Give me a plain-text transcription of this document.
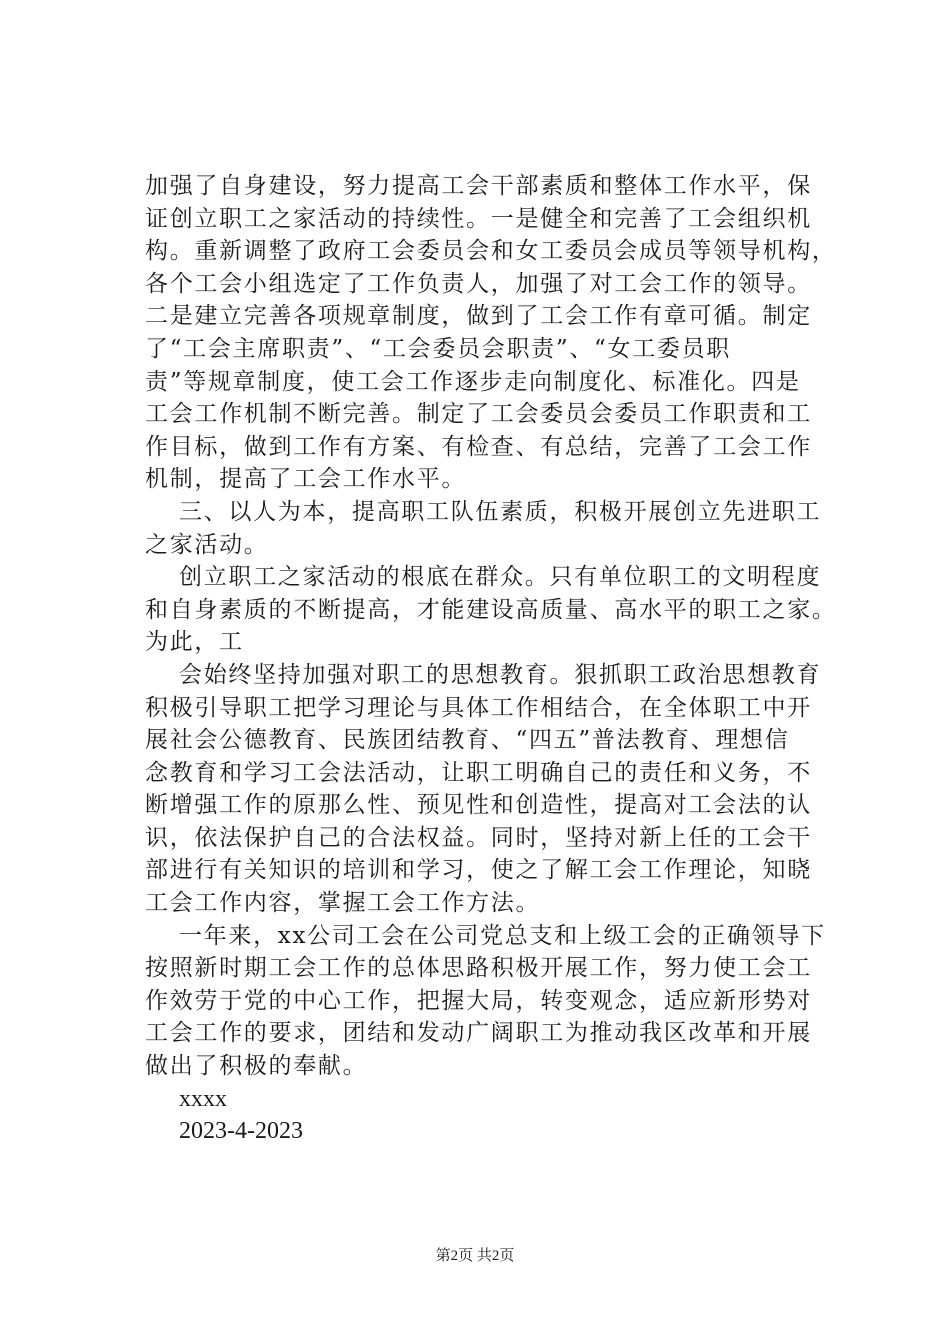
加强了自身建设，努力提高工会干部素质和整体工作水平，保
证创立职工之家活动的持续性。一是健全和完善了工会组织机
构。重新调整了政府工会委员会和女工委员会成员等领导机构，
各个工会小组选定了工作负责人，加强了对工会工作的领导。
二是建立完善各项规章制度，做到了工会工作有章可循。制定
了“工会主席职责”、“工会委员会职责”、“女工委员职
责”等规章制度，使工会工作逐步走向制度化、标准化。四是
工会工作机制不断完善。制定了工会委员会委员工作职责和工
作目标，做到工作有方案、有检查、有总结，完善了工会工作
机制，提高了工会工作水平。
三、以人为本，提高职工队伍素质，积极开展创立先进职工
之家活动。
创立职工之家活动的根底在群众。只有单位职工的文明程度
和自身素质的不断提高，才能建设高质量、高水平的职工之家。
为此，工
会始终坚持加强对职工的思想教育。狠抓职工政治思想教育
积极引导职工把学习理论与具体工作相结合，在全体职工中开
展社会公德教育、民族团结教育、“四五”普法教育、理想信
念教育和学习工会法活动，让职工明确自己的责任和义务，不
断增强工作的原那么性、预见性和创造性，提高对工会法的认
识，依法保护自己的合法权益。同时，坚持对新上任的工会干
部进行有关知识的培训和学习，使之了解工会工作理论，知晓
工会工作内容，掌握工会工作方法。
一年来，xx公司工会在公司党总支和上级工会的正确领导下
按照新时期工会工作的总体思路积极开展工作，努力使工会工
作效劳于党的中心工作，把握大局，转变观念，适应新形势对
工会工作的要求，团结和发动广阔职工为推动我区改革和开展
做出了积极的奉献。
xxxx
2023-4-2023
第2页 共2页
